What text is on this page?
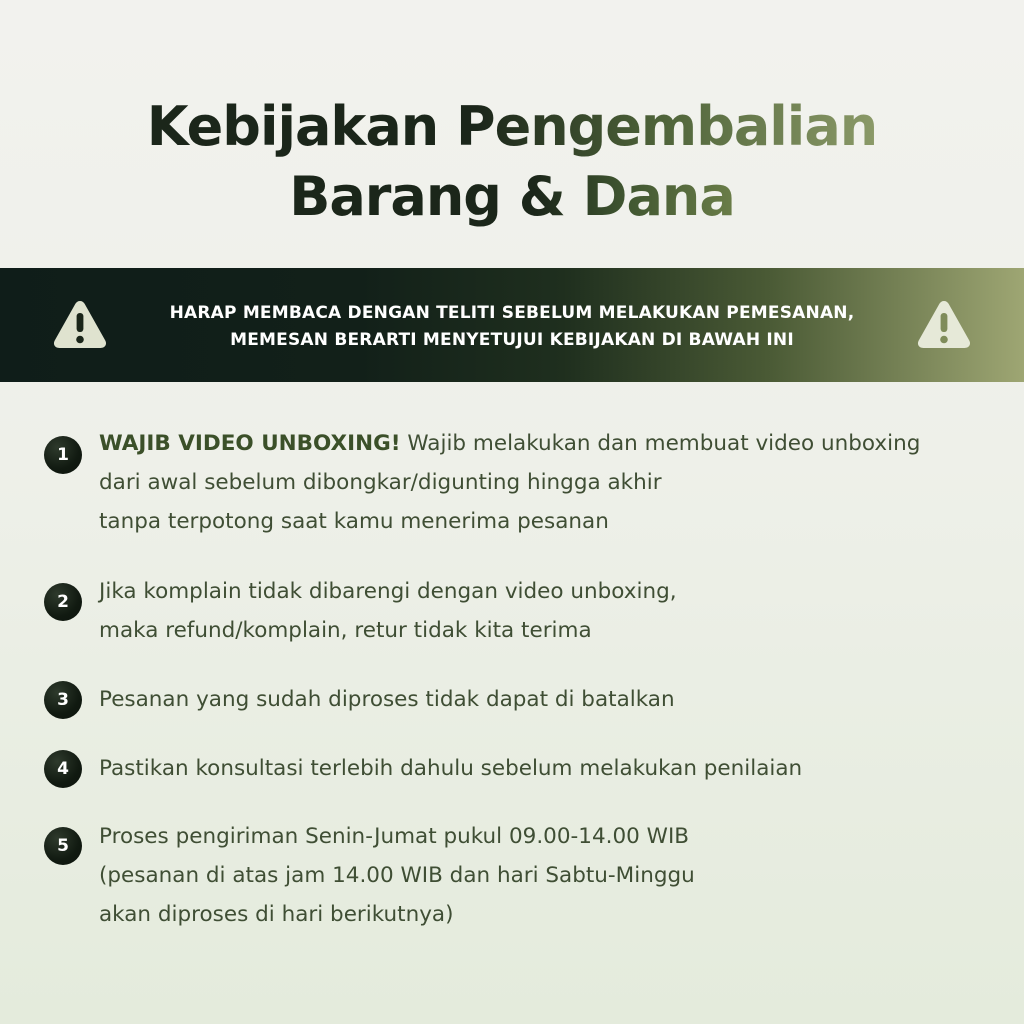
Kebijakan Pengembalian
Barang & Dana
HARAP MEMBACA DENGAN TELITI SEBELUM MELAKUKAN PEMESANAN,
MEMESAN BERARTI MENYETUJUI KEBIJAKAN DI BAWAH INI
1	WAJIB VIDEO UNBOXING! Wajib melakukan dan membuat video unboxing
dari awal sebelum dibongkar/digunting hingga akhir
tanpa terpotong saat kamu menerima pesanan
2	Jika komplain tidak dibarengi dengan video unboxing,
maka refund/komplain, retur tidak kita terima
3	Pesanan yang sudah diproses tidak dapat di batalkan
4	Pastikan konsultasi terlebih dahulu sebelum melakukan penilaian
5	Proses pengiriman Senin-Jumat pukul 09.00-14.00 WIB
(pesanan di atas jam 14.00 WIB dan hari Sabtu-Minggu
akan diproses di hari berikutnya)
